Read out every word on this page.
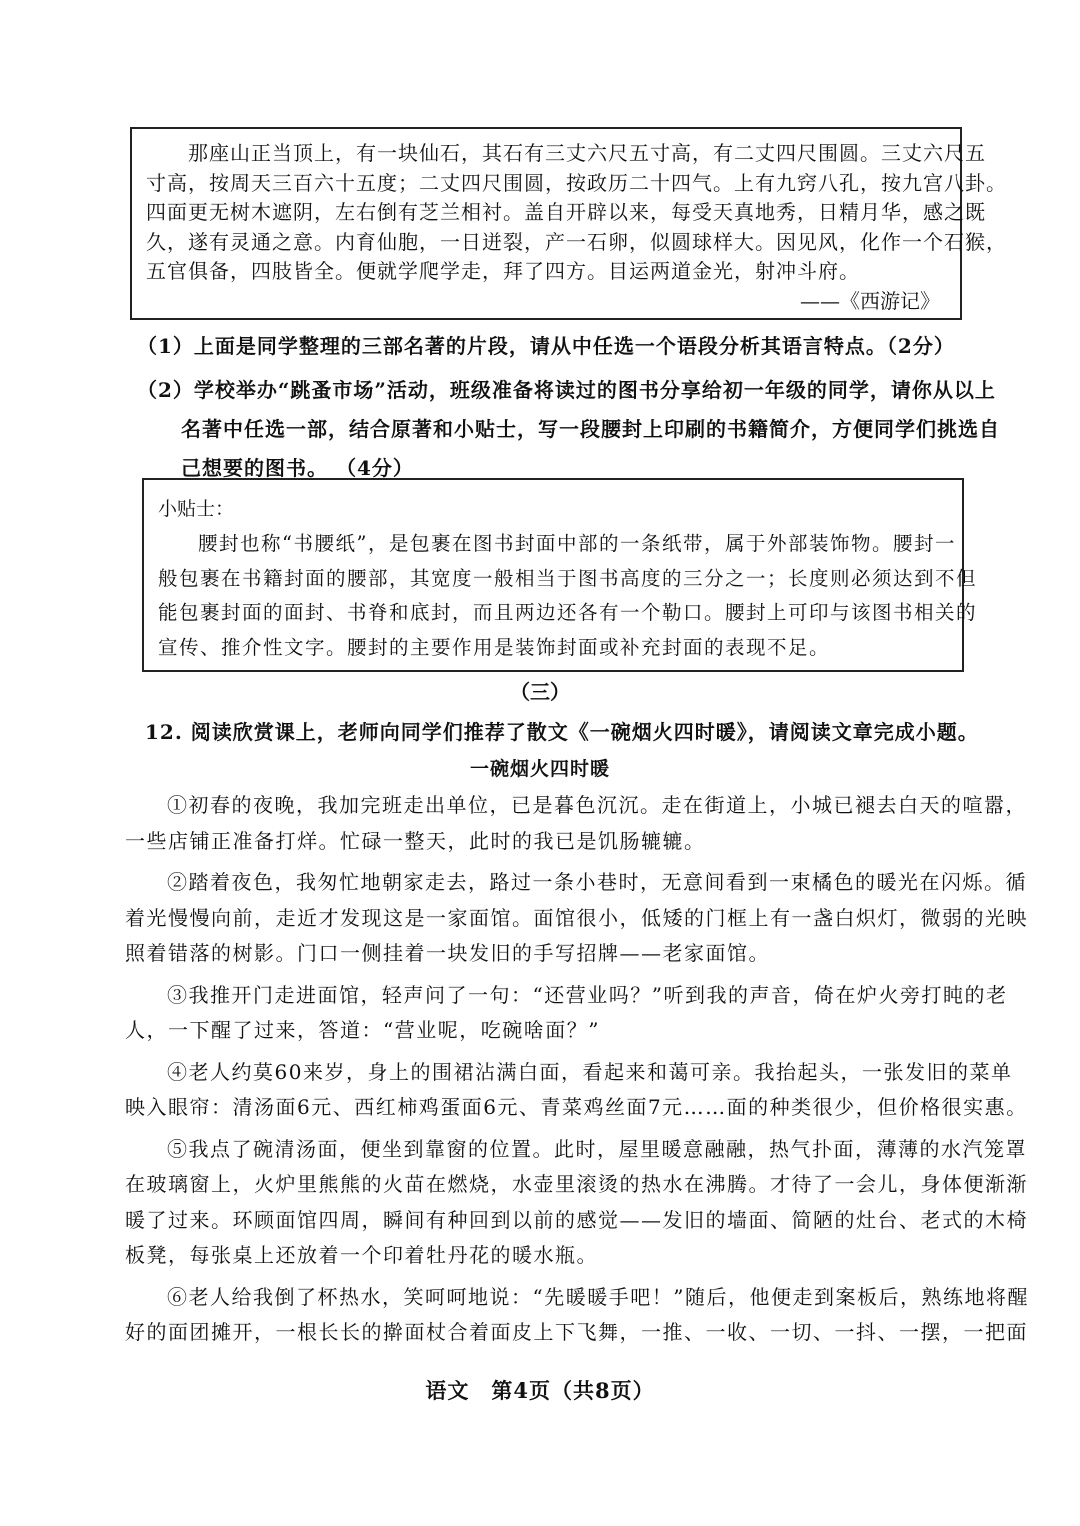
那座山正当顶上，有一块仙石，其石有三丈六尺五寸高，有二丈四尺围圆。三丈六尺五
寸高，按周天三百六十五度；二丈四尺围圆，按政历二十四气。上有九窍八孔，按九宫八卦。
四面更无树木遮阴，左右倒有芝兰相衬。盖自开辟以来，每受天真地秀，日精月华，感之既
久，遂有灵通之意。内育仙胞，一日迸裂，产一石卵，似圆球样大。因见风，化作一个石猴，
五官俱备，四肢皆全。便就学爬学走，拜了四方。目运两道金光，射冲斗府。
——《西游记》
（1）上面是同学整理的三部名著的片段，请从中任选一个语段分析其语言特点。（2分）
（2）学校举办“跳蚤市场”活动，班级准备将读过的图书分享给初一年级的同学，请你从以上
名著中任选一部，结合原著和小贴士，写一段腰封上印刷的书籍简介，方便同学们挑选自
己想要的图书。 （4分）
小贴士：
腰封也称“书腰纸”，是包裹在图书封面中部的一条纸带，属于外部装饰物。腰封一
般包裹在书籍封面的腰部，其宽度一般相当于图书高度的三分之一；长度则必须达到不但
能包裹封面的面封、书脊和底封，而且两边还各有一个勒口。腰封上可印与该图书相关的
宣传、推介性文字。腰封的主要作用是装饰封面或补充封面的表现不足。
（三）
12. 阅读欣赏课上，老师向同学们推荐了散文《一碗烟火四时暖》，请阅读文章完成小题。
一碗烟火四时暖
①初春的夜晚，我加完班走出单位，已是暮色沉沉。走在街道上，小城已褪去白天的喧嚣，
一些店铺正准备打烊。忙碌一整天，此时的我已是饥肠辘辘。
②踏着夜色，我匆忙地朝家走去，路过一条小巷时，无意间看到一束橘色的暖光在闪烁。循
着光慢慢向前，走近才发现这是一家面馆。面馆很小，低矮的门框上有一盏白炽灯，微弱的光映
照着错落的树影。门口一侧挂着一块发旧的手写招牌——老家面馆。
③我推开门走进面馆，轻声问了一句：“还营业吗？”听到我的声音，倚在炉火旁打盹的老
人，一下醒了过来，答道：“营业呢，吃碗啥面？”
④老人约莫60来岁，身上的围裙沾满白面，看起来和蔼可亲。我抬起头，一张发旧的菜单
映入眼帘：清汤面6元、西红柿鸡蛋面6元、青菜鸡丝面7元……面的种类很少，但价格很实惠。
⑤我点了碗清汤面，便坐到靠窗的位置。此时，屋里暖意融融，热气扑面，薄薄的水汽笼罩
在玻璃窗上，火炉里熊熊的火苗在燃烧，水壶里滚烫的热水在沸腾。才待了一会儿，身体便渐渐
暖了过来。环顾面馆四周，瞬间有种回到以前的感觉——发旧的墙面、简陋的灶台、老式的木椅
板凳，每张桌上还放着一个印着牡丹花的暖水瓶。
⑥老人给我倒了杯热水，笑呵呵地说：“先暖暖手吧！”随后，他便走到案板后，熟练地将醒
好的面团摊开，一根长长的擀面杖合着面皮上下飞舞，一推、一收、一切、一抖、一摆，一把面
语文　第4页（共8页）
